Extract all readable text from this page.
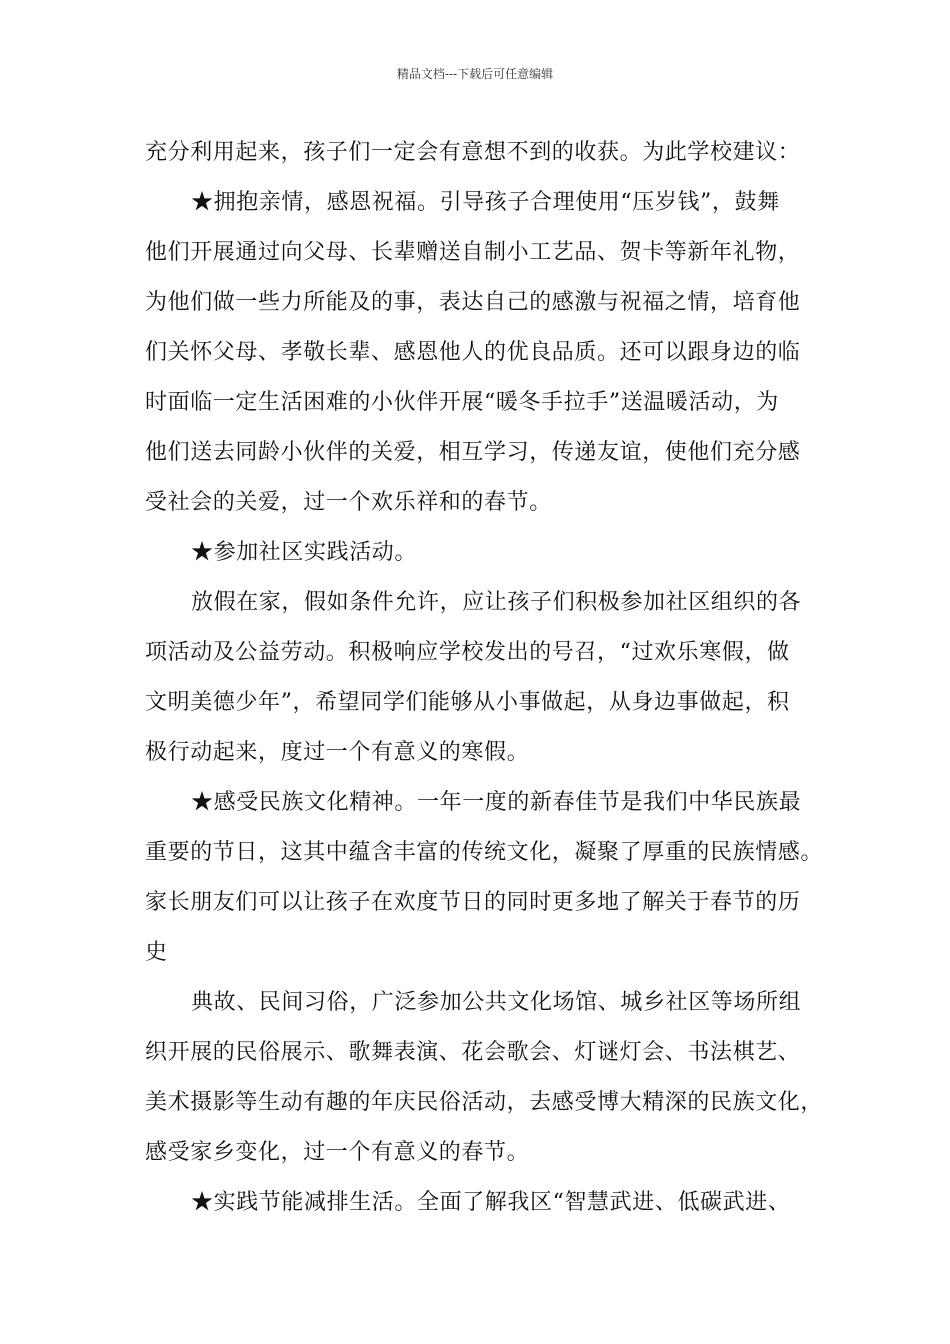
精品文档---下载后可任意编辑
充分利用起来，孩子们一定会有意想不到的收获。为此学校建议：
★拥抱亲情，感恩祝福。引导孩子合理使用“压岁钱”，鼓舞
他们开展通过向父母、长辈赠送自制小工艺品、贺卡等新年礼物，
为他们做一些力所能及的事，表达自己的感激与祝福之情，培育他
们关怀父母、孝敬长辈、感恩他人的优良品质。还可以跟身边的临
时面临一定生活困难的小伙伴开展“暖冬手拉手”送温暖活动，为
他们送去同龄小伙伴的关爱，相互学习，传递友谊，使他们充分感
受社会的关爱，过一个欢乐祥和的春节。
★参加社区实践活动。
放假在家，假如条件允许，应让孩子们积极参加社区组织的各
项活动及公益劳动。积极响应学校发出的号召，“过欢乐寒假，做
文明美德少年”，希望同学们能够从小事做起，从身边事做起，积
极行动起来，度过一个有意义的寒假。
★感受民族文化精神。一年一度的新春佳节是我们中华民族最
重要的节日，这其中蕴含丰富的传统文化，凝聚了厚重的民族情感。
家长朋友们可以让孩子在欢度节日的同时更多地了解关于春节的历
史
典故、民间习俗，广泛参加公共文化场馆、城乡社区等场所组
织开展的民俗展示、歌舞表演、花会歌会、灯谜灯会、书法棋艺、
美术摄影等生动有趣的年庆民俗活动，去感受博大精深的民族文化，
感受家乡变化，过一个有意义的春节。
★实践节能减排生活。全面了解我区“智慧武进、低碳武进、
